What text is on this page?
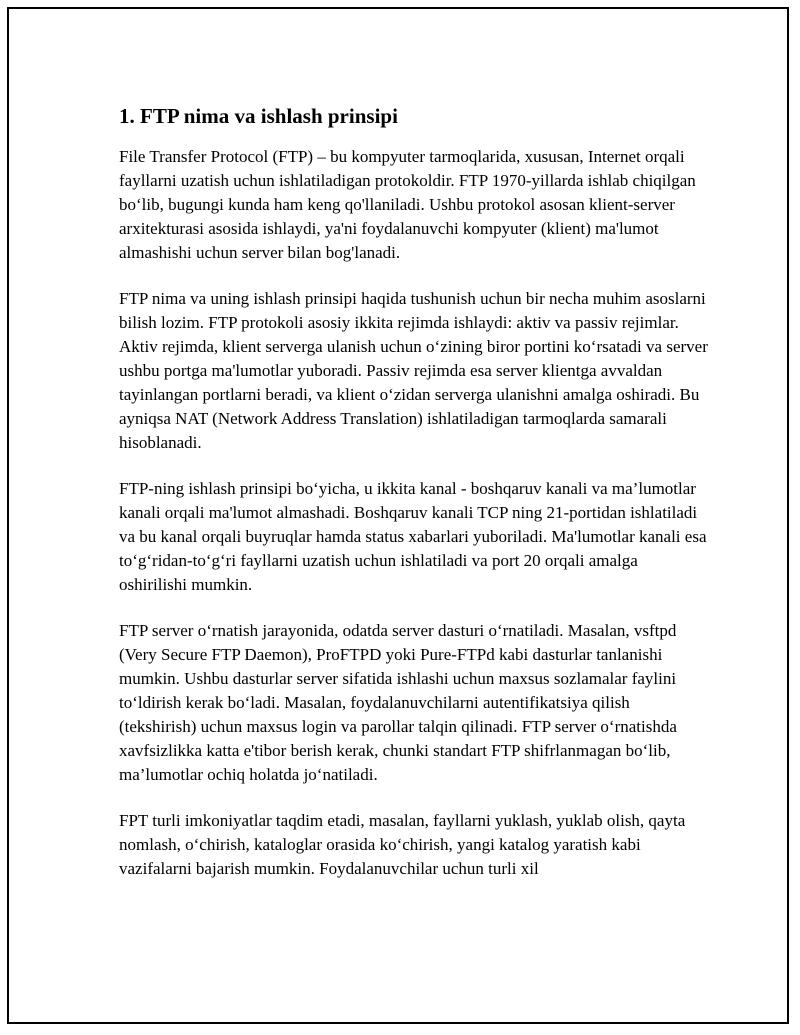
1. FTP nima va ishlash prinsipi

File Transfer Protocol (FTP) – bu kompyuter tarmoqlarida, xususan, Internet orqali fayllarni uzatish uchun ishlatiladigan protokoldir. FTP 1970-yillarda ishlab chiqilgan bo‘lib, bugungi kunda ham keng qo'llaniladi. Ushbu protokol asosan klient-server arxitekturasi asosida ishlaydi, ya'ni foydalanuvchi kompyuter (klient) ma'lumot almashishi uchun server bilan bog'lanadi.

FTP nima va uning ishlash prinsipi haqida tushunish uchun bir necha muhim asoslarni bilish lozim. FTP protokoli asosiy ikkita rejimda ishlaydi: aktiv va passiv rejimlar. Aktiv rejimda, klient serverga ulanish uchun o‘zining biror portini ko‘rsatadi va server ushbu portga ma'lumotlar yuboradi. Passiv rejimda esa server klientga avvaldan tayinlangan portlarni beradi, va klient o‘zidan serverga ulanishni amalga oshiradi. Bu ayniqsa NAT (Network Address Translation) ishlatiladigan tarmoqlarda samarali hisoblanadi.

FTP-ning ishlash prinsipi bo‘yicha, u ikkita kanal - boshqaruv kanali va ma’lumotlar kanali orqali ma'lumot almashadi. Boshqaruv kanali TCP ning 21-portidan ishlatiladi va bu kanal orqali buyruqlar hamda status xabarlari yuboriladi. Ma'lumotlar kanali esa to‘g‘ridan-to‘g‘ri fayllarni uzatish uchun ishlatiladi va port 20 orqali amalga oshirilishi mumkin.

FTP server o‘rnatish jarayonida, odatda server dasturi o‘rnatiladi. Masalan, vsftpd (Very Secure FTP Daemon), ProFTPD yoki Pure-FTPd kabi dasturlar tanlanishi mumkin. Ushbu dasturlar server sifatida ishlashi uchun maxsus sozlamalar faylini to‘ldirish kerak bo‘ladi. Masalan, foydalanuvchilarni autentifikatsiya qilish (tekshirish) uchun maxsus login va parollar talqin qilinadi. FTP server o‘rnatishda xavfsizlikka katta e'tibor berish kerak, chunki standart FTP shifrlanmagan bo‘lib, ma’lumotlar ochiq holatda jo‘natiladi.

FPT turli imkoniyatlar taqdim etadi, masalan, fayllarni yuklash, yuklab olish, qayta nomlash, o‘chirish, kataloglar orasida ko‘chirish, yangi katalog yaratish kabi vazifalarni bajarish mumkin. Foydalanuvchilar uchun turli xil
